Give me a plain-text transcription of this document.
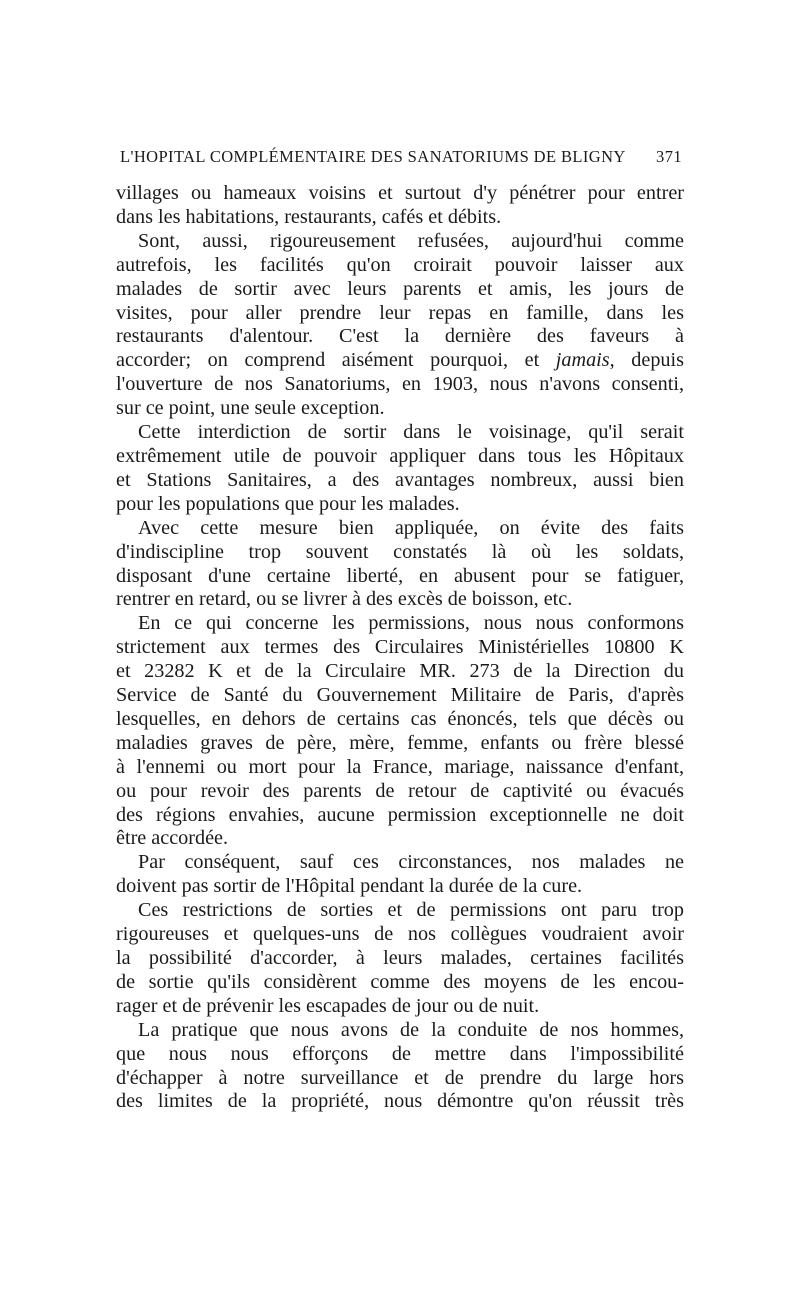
L'HOPITAL COMPLÉMENTAIRE DES SANATORIUMS DE BLIGNY 371
villages ou hameaux voisins et surtout d'y pénétrer pour entrer
dans les habitations, restaurants, cafés et débits.
Sont, aussi, rigoureusement refusées, aujourd'hui comme
autrefois, les facilités qu'on croirait pouvoir laisser aux
malades de sortir avec leurs parents et amis, les jours de
visites, pour aller prendre leur repas en famille, dans les
restaurants d'alentour. C'est la dernière des faveurs à
accorder; on comprend aisément pourquoi, et jamais, depuis
l'ouverture de nos Sanatoriums, en 1903, nous n'avons consenti,
sur ce point, une seule exception.
Cette interdiction de sortir dans le voisinage, qu'il serait
extrêmement utile de pouvoir appliquer dans tous les Hôpitaux
et Stations Sanitaires, a des avantages nombreux, aussi bien
pour les populations que pour les malades.
Avec cette mesure bien appliquée, on évite des faits
d'indiscipline trop souvent constatés là où les soldats,
disposant d'une certaine liberté, en abusent pour se fatiguer,
rentrer en retard, ou se livrer à des excès de boisson, etc.
En ce qui concerne les permissions, nous nous conformons
strictement aux termes des Circulaires Ministérielles 10800 K
et 23282 K et de la Circulaire MR. 273 de la Direction du
Service de Santé du Gouvernement Militaire de Paris, d'après
lesquelles, en dehors de certains cas énoncés, tels que décès ou
maladies graves de père, mère, femme, enfants ou frère blessé
à l'ennemi ou mort pour la France, mariage, naissance d'enfant,
ou pour revoir des parents de retour de captivité ou évacués
des régions envahies, aucune permission exceptionnelle ne doit
être accordée.
Par conséquent, sauf ces circonstances, nos malades ne
doivent pas sortir de l'Hôpital pendant la durée de la cure.
Ces restrictions de sorties et de permissions ont paru trop
rigoureuses et quelques-uns de nos collègues voudraient avoir
la possibilité d'accorder, à leurs malades, certaines facilités
de sortie qu'ils considèrent comme des moyens de les encou-
rager et de prévenir les escapades de jour ou de nuit.
La pratique que nous avons de la conduite de nos hommes,
que nous nous efforçons de mettre dans l'impossibilité
d'échapper à notre surveillance et de prendre du large hors
des limites de la propriété, nous démontre qu'on réussit très
